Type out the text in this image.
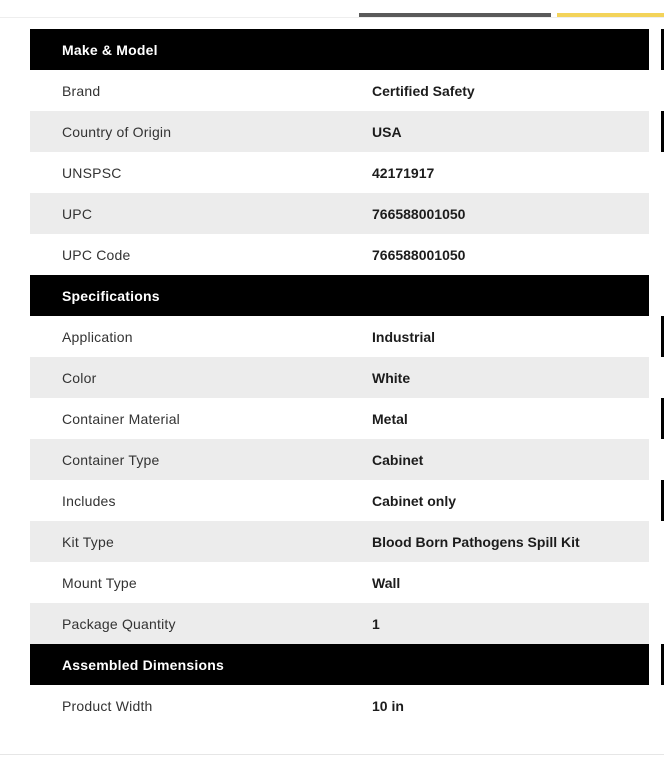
Make & Model
Brand	Certified Safety
Country of Origin	USA
UNSPSC	42171917
UPC	766588001050
UPC Code	766588001050
Specifications
Application	Industrial
Color	White
Container Material	Metal
Container Type	Cabinet
Includes	Cabinet only
Kit Type	Blood Born Pathogens Spill Kit
Mount Type	Wall
Package Quantity	1
Assembled Dimensions
Product Width	10 in
